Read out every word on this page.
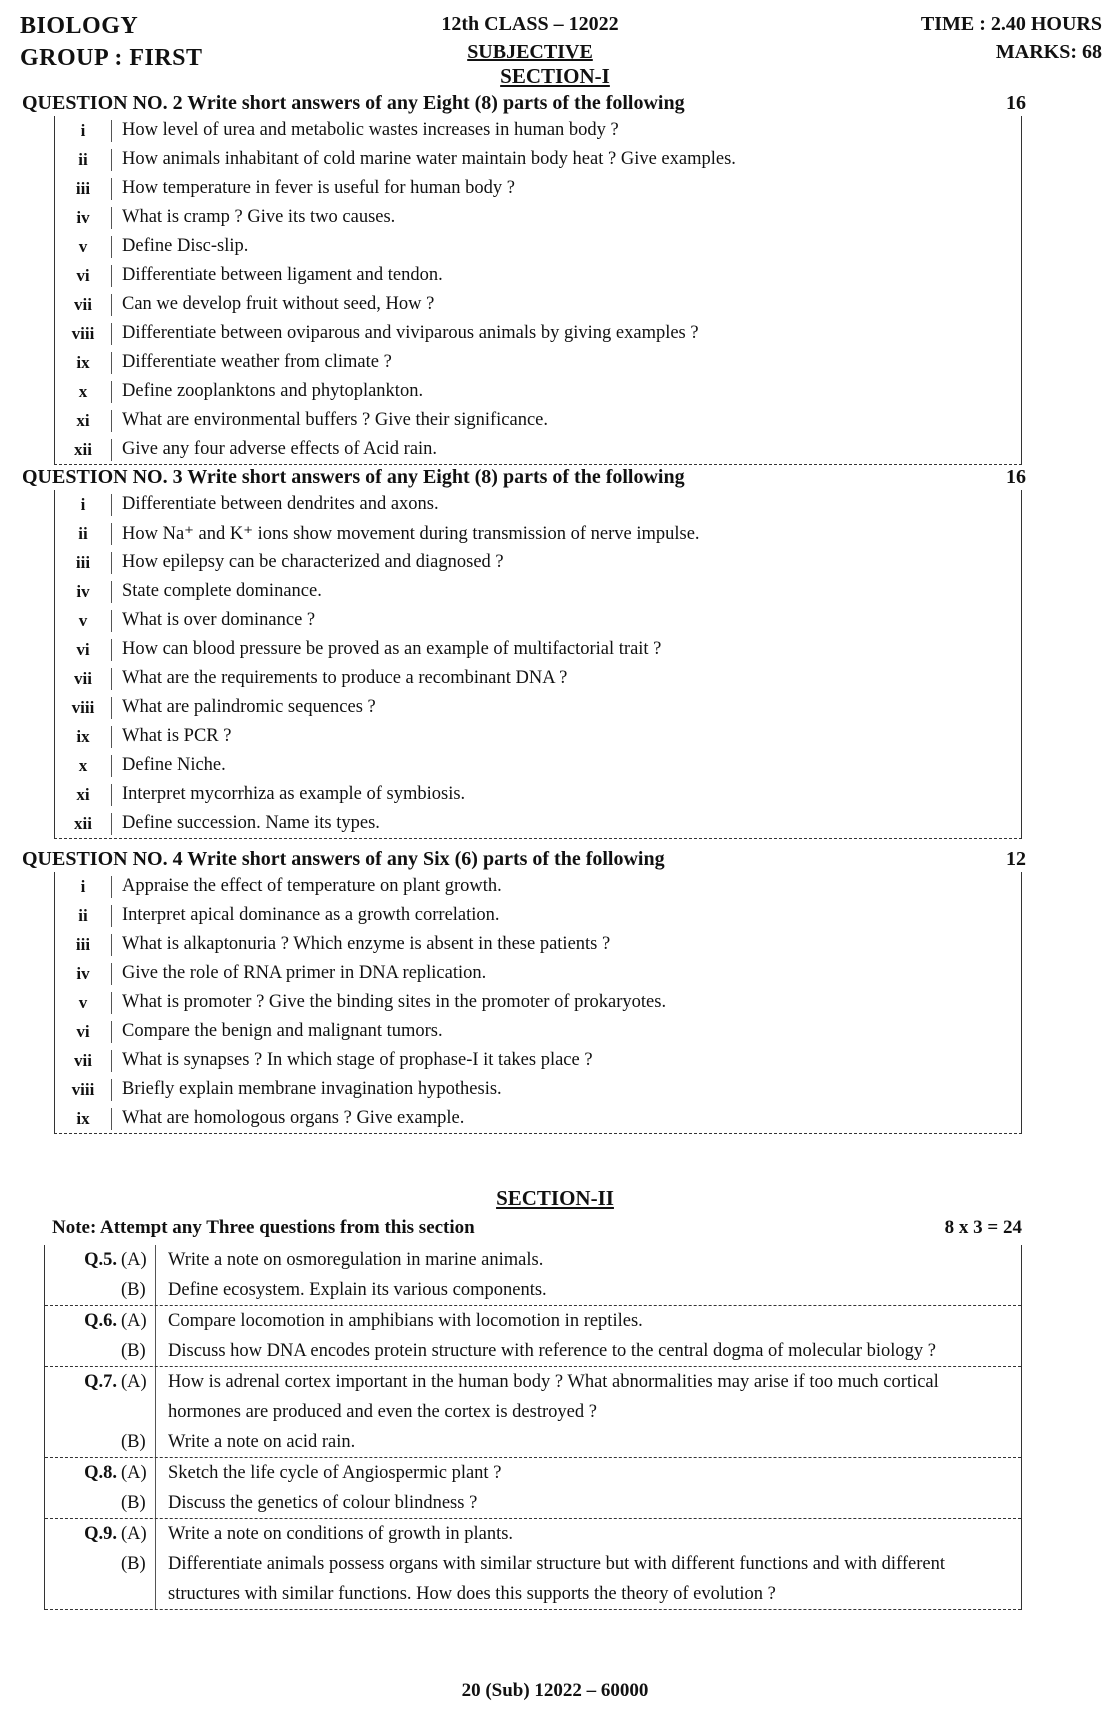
BIOLOGY
GROUP : FIRST
12th CLASS – 12022
SUBJECTIVE
TIME : 2.40 HOURS
MARKS: 68
SECTION-I
QUESTION NO. 2 Write short answers of any Eight (8) parts of the following	16
i	How level of urea and metabolic wastes increases in human body ?
ii	How animals inhabitant of cold marine water maintain body heat ? Give examples.
iii	How temperature in fever is useful for human body ?
iv	What is cramp ? Give its two causes.
v	Define Disc-slip.
vi	Differentiate between ligament and tendon.
vii	Can we develop fruit without seed, How ?
viii	Differentiate between oviparous and viviparous animals by giving examples ?
ix	Differentiate weather from climate ?
x	Define zooplanktons and phytoplankton.
xi	What are environmental buffers ? Give their significance.
xii	Give any four adverse effects of Acid rain.
QUESTION NO. 3 Write short answers of any Eight (8) parts of the following	16
i	Differentiate between dendrites and axons.
ii	How Na⁺ and K⁺ ions show movement during transmission of nerve impulse.
iii	How epilepsy can be characterized and diagnosed ?
iv	State complete dominance.
v	What is over dominance ?
vi	How can blood pressure be proved as an example of multifactorial trait ?
vii	What are the requirements to produce a recombinant DNA ?
viii	What are palindromic sequences ?
ix	What is PCR ?
x	Define Niche.
xi	Interpret mycorrhiza as example of symbiosis.
xii	Define succession. Name its types.
QUESTION NO. 4 Write short answers of any Six (6) parts of the following	12
i	Appraise the effect of temperature on plant growth.
ii	Interpret apical dominance as a growth correlation.
iii	What is alkaptonuria ? Which enzyme is absent in these patients ?
iv	Give the role of RNA primer in DNA replication.
v	What is promoter ? Give the binding sites in the promoter of prokaryotes.
vi	Compare the benign and malignant tumors.
vii	What is synapses ? In which stage of prophase-I it takes place ?
viii	Briefly explain membrane invagination hypothesis.
ix	What are homologous organs ? Give example.
SECTION-II
Note: Attempt any Three questions from this section	8 x 3 = 24
Q.5. (A)	Write a note on osmoregulation in marine animals.
(B)	Define ecosystem. Explain its various components.
Q.6. (A)	Compare locomotion in amphibians with locomotion in reptiles.
(B)	Discuss how DNA encodes protein structure with reference to the central dogma of molecular biology ?
Q.7. (A)	How is adrenal cortex important in the human body ? What abnormalities may arise if too much cortical hormones are produced and even the cortex is destroyed ?
(B)	Write a note on acid rain.
Q.8. (A)	Sketch the life cycle of Angiospermic plant ?
(B)	Discuss the genetics of colour blindness ?
Q.9. (A)	Write a note on conditions of growth in plants.
(B)	Differentiate animals possess organs with similar structure but with different functions and with different structures with similar functions. How does this supports the theory of evolution ?
20 (Sub) 12022 – 60000
